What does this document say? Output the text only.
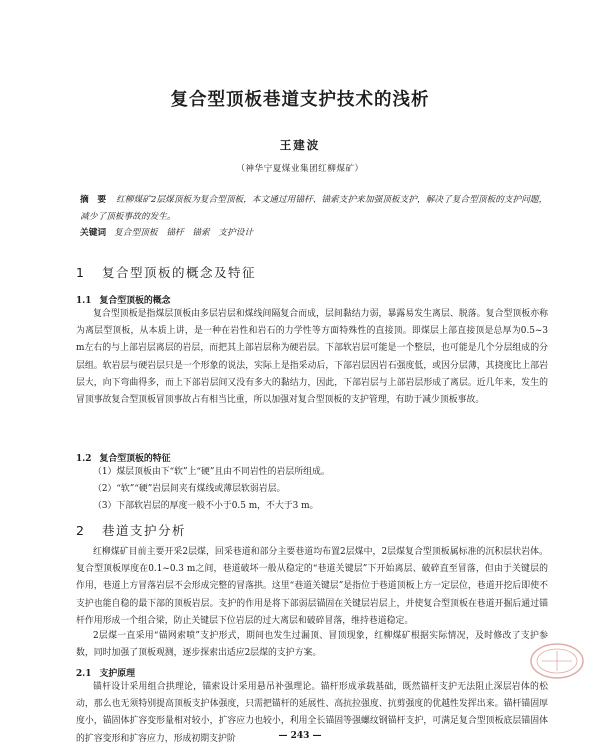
复合型顶板巷道支护技术的浅析
王建波
（神华宁夏煤业集团红柳煤矿）
摘　要 红柳煤矿2层煤顶板为复合型顶板，本文通过用锚杆、锚索支护来加强顶板支护，解决了复合型顶板的支护问题，减少了顶板事故的发生。
关键词 复合型顶板　锚杆　锚索　支护设计
1 复合型顶板的概念及特征
1.1 复合型顶板的概念
复合型顶板是指煤层顶板由多层岩层和煤线间隔复合而成，层间黏结力弱，暴露易发生离层、脱落。复合型顶板亦称为离层型顶板，从本质上讲，是一种在岩性和岩石的力学性等方面特殊性的直接顶。即煤层上部直接顶是总厚为0.5~3 m左右的与上部岩层离层的岩层，而把其上部岩层称为硬岩层。下部软岩层可能是一个整层，也可能是几个分层组成的分层组。软岩层与硬岩层只是一个形象的说法，实际上是指采动后，下部岩层因岩石强度低，或因分层薄，其挠度比上部岩层大，向下弯曲得多，而上下部岩层间又没有多大的黏结力，因此，下部岩层与上部岩层形成了离层。近几年来，发生的冒顶事故复合型顶板冒顶事故占有相当比重，所以加强对复合型顶板的支护管理，有助于减少顶板事故。
1.2 复合型顶板的特征
（1）煤层顶板由下“软”上“硬”且由不同岩性的岩层所组成。
（2）“软”“硬”岩层间夹有煤线或薄层软弱岩层。
（3）下部软岩层的厚度一般不小于0.5 m，不大于3 m。
2 巷道支护分析
红柳煤矿目前主要开采2层煤，回采巷道和部分主要巷道均布置2层煤中，2层煤复合型顶板属标准的沉积层状岩体。复合型顶板厚度在0.1~0.3 m之间，巷道破坏一般从稳定的“巷道关键层”下开始离层、破碎直至冒落，但由于关键层的作用，巷道上方冒落岩层不会形成完整的冒落拱。这里“巷道关键层”是指位于巷道顶板上方一定层位，巷道开挖后即使不支护也能自稳的最下部的顶板岩层。支护的作用是将下部弱层锚固在关键层岩层上，并使复合型顶板在巷道开掘后通过锚杆作用形成一个组合梁，防止关键层下位岩层的过大离层和破碎冒落，维持巷道稳定。
2层煤一直采用“锚网索喷”支护形式，期间也发生过漏顶、冒顶现象，红柳煤矿根据实际情况，及时修改了支护参数，同时加强了顶板观测，逐步探索出适应2层煤的支护方案。
2.1 支护原理
锚杆设计采用组合拱理论，锚索设计采用悬吊补强理论。锚杆形成承载基础，既然锚杆支护无法阻止深层岩体的松动，那么也无须特别提高顶板支护体强度，只需把锚杆的延展性、高抗拉强度、抗剪强度的优越性发挥出来。锚杆锚固厚度小，锚固体扩容变形量相对较小，扩容应力也较小，利用全长锚固等强螺纹钢锚杆支护，可满足复合型顶板底层锚固体的扩容变形和扩容应力，形成初期支护阶	— 243 —
